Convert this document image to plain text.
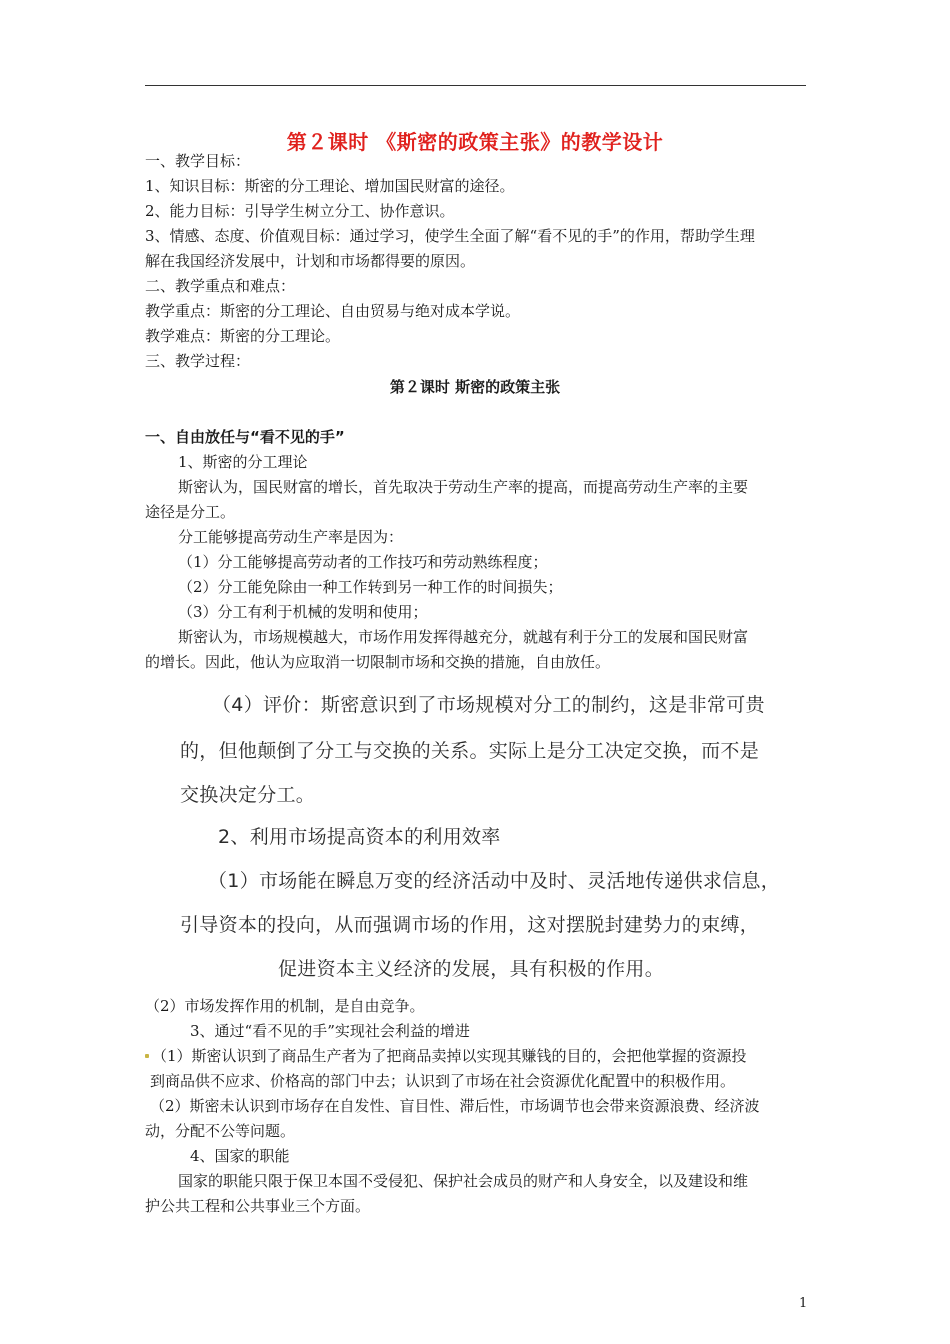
第２课时 《斯密的政策主张》的教学设计
一、教学目标：
1、知识目标：斯密的分工理论、增加国民财富的途径。
2、能力目标：引导学生树立分工、协作意识。
3、情感、态度、价值观目标：通过学习，使学生全面了解“看不见的手”的作用，帮助学生理
解在我国经济发展中，计划和市场都得要的原因。
二、教学重点和难点：
教学重点：斯密的分工理论、自由贸易与绝对成本学说。
教学难点：斯密的分工理论。
三、教学过程：
第２课时 斯密的政策主张
一、自由放任与“看不见的手”
1、斯密的分工理论
斯密认为，国民财富的增长，首先取决于劳动生产率的提高，而提高劳动生产率的主要
途径是分工。
分工能够提高劳动生产率是因为：
（1）分工能够提高劳动者的工作技巧和劳动熟练程度；
（2）分工能免除由一种工作转到另一种工作的时间损失；
（3）分工有利于机械的发明和使用；
斯密认为，市场规模越大，市场作用发挥得越充分，就越有利于分工的发展和国民财富
的增长。因此，他认为应取消一切限制市场和交换的措施，自由放任。
（4）评价：斯密意识到了市场规模对分工的制约，这是非常可贵
的，但他颠倒了分工与交换的关系。实际上是分工决定交换，而不是
交换决定分工。
2、利用市场提高资本的利用效率
（1）市场能在瞬息万变的经济活动中及时、灵活地传递供求信息，
引导资本的投向，从而强调市场的作用，这对摆脱封建势力的束缚，
促进资本主义经济的发展，具有积极的作用。
（2）市场发挥作用的机制，是自由竞争。
3、通过“看不见的手”实现社会利益的增进
（1）斯密认识到了商品生产者为了把商品卖掉以实现其赚钱的目的，会把他掌握的资源投
到商品供不应求、价格高的部门中去；认识到了市场在社会资源优化配置中的积极作用。
（2）斯密未认识到市场存在自发性、盲目性、滞后性，市场调节也会带来资源浪费、经济波
动，分配不公等问题。
4、国家的职能
国家的职能只限于保卫本国不受侵犯、保护社会成员的财产和人身安全，以及建设和维
护公共工程和公共事业三个方面。
1
